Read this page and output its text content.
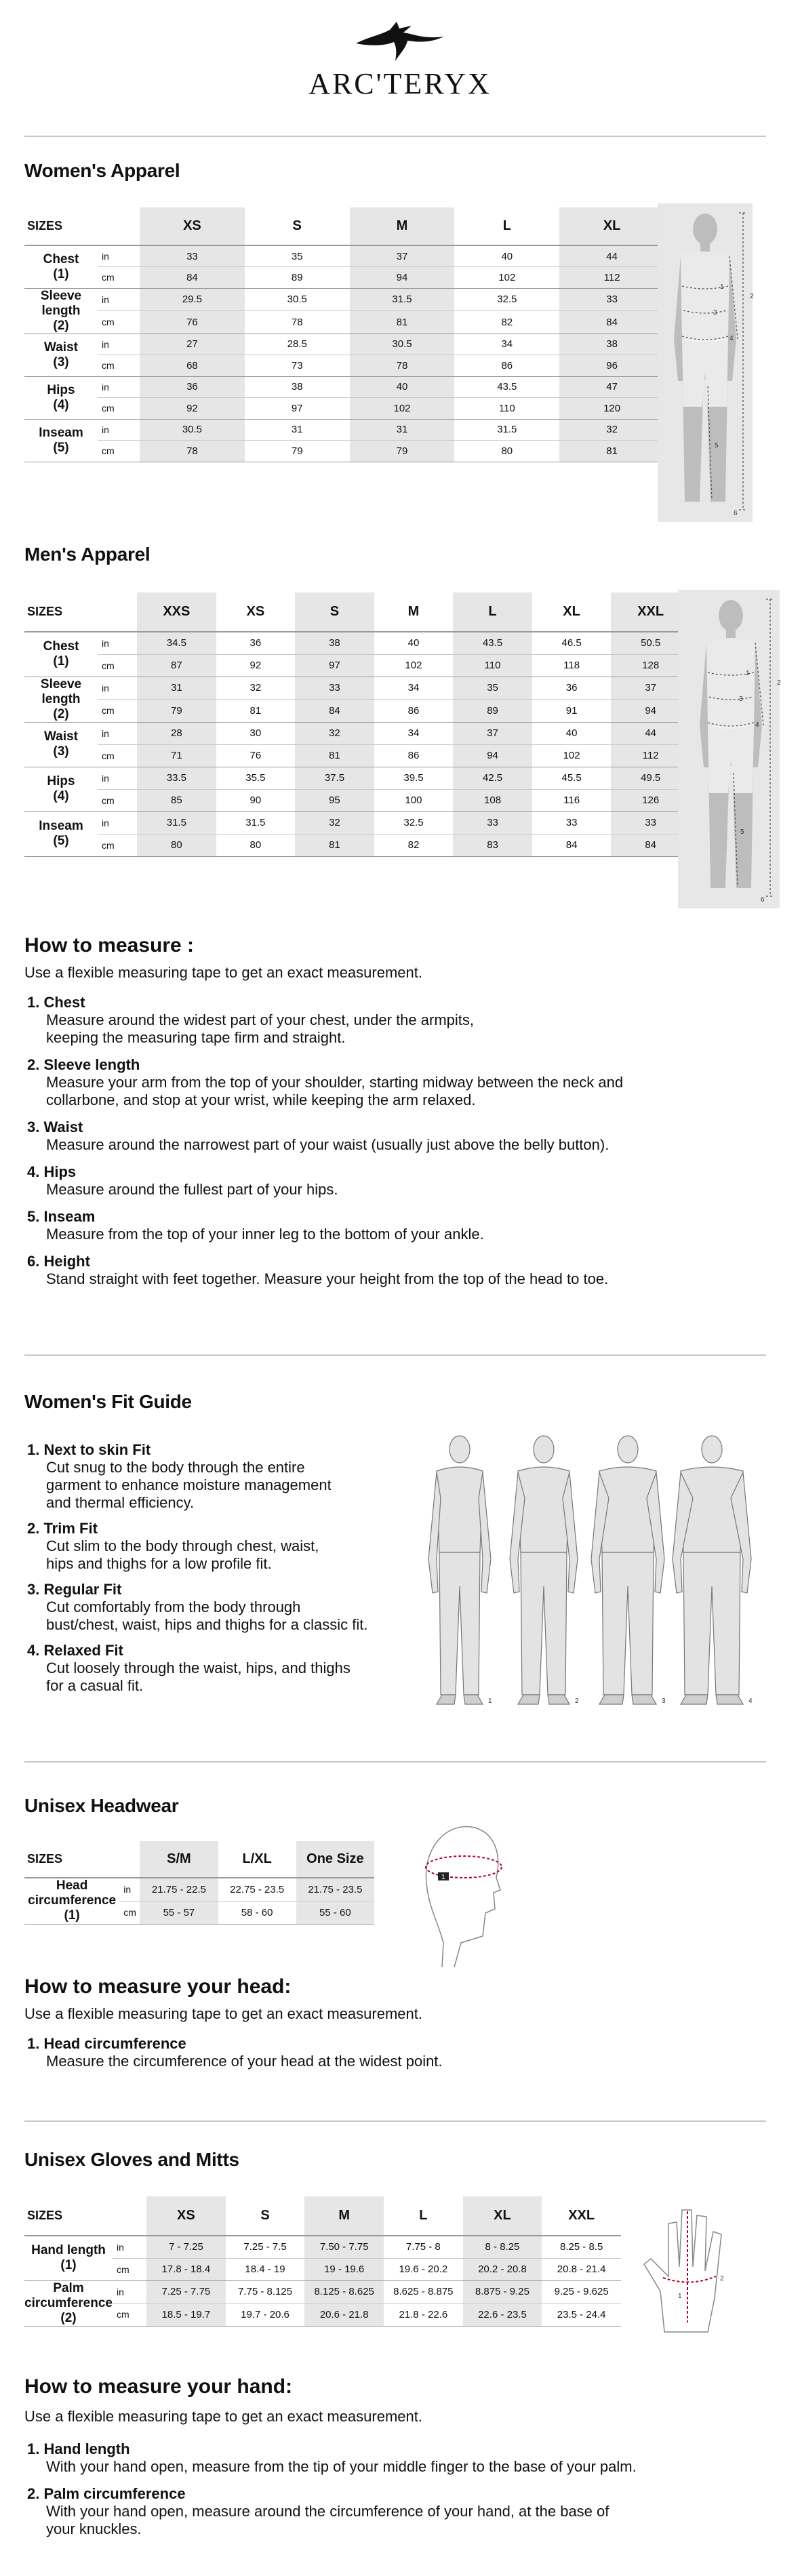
ARC'TERYX
Women's Apparel
SIZES		XS	S	M	L	XL
Chest
(1)	in	33	35	37	40	44
	cm	84	89	94	102	112
Sleeve
length
(2)	in	29.5	30.5	31.5	32.5	33
	cm	76	78	81	82	84
Waist
(3)	in	27	28.5	30.5	34	38
	cm	68	73	78	86	96
Hips
(4)	in	36	38	40	43.5	47
	cm	92	97	102	110	120
Inseam
(5)	in	30.5	31	31	31.5	32
	cm	78	79	79	80	81
1
2
3
4
5
6
Men's Apparel
SIZES		XXS	XS	S	M	L	XL	XXL
Chest
(1)	in	34.5	36	38	40	43.5	46.5	50.5
	cm	87	92	97	102	110	118	128
Sleeve
length
(2)	in	31	32	33	34	35	36	37
	cm	79	81	84	86	89	91	94
Waist
(3)	in	28	30	32	34	37	40	44
	cm	71	76	81	86	94	102	112
Hips
(4)	in	33.5	35.5	37.5	39.5	42.5	45.5	49.5
	cm	85	90	95	100	108	116	126
Inseam
(5)	in	31.5	31.5	32	32.5	33	33	33
	cm	80	80	81	82	83	84	84
1
2
3
4
5
6
How to measure :
Use a flexible measuring tape to get an exact measurement.
1. Chest
Measure around the widest part of your chest, under the armpits,
keeping the measuring tape firm and straight.
2. Sleeve length
Measure your arm from the top of your shoulder, starting midway between the neck and
collarbone, and stop at your wrist, while keeping the arm relaxed.
3. Waist
Measure around the narrowest part of your waist (usually just above the belly button).
4. Hips
Measure around the fullest part of your hips.
5. Inseam
Measure from the top of your inner leg to the bottom of your ankle.
6. Height
Stand straight with feet together. Measure your height from the top of the head to toe.
Women's Fit Guide
1. Next to skin Fit
Cut snug to the body through the entire
garment to enhance moisture management
and thermal efficiency.
2. Trim Fit
Cut slim to the body through chest, waist,
hips and thighs for a low profile fit.
3. Regular Fit
Cut comfortably from the body through
bust/chest, waist, hips and thighs for a classic fit.
4. Relaxed Fit
Cut loosely through the waist, hips, and thighs
for a casual fit.
1	2	3	4
Unisex Headwear
SIZES		S/M	L/XL	One Size
Head
circumference
(1)	in	21.75 - 22.5	22.75 - 23.5	21.75 - 23.5
	cm	55 - 57	58 - 60	55 - 60
1
How to measure your head:
Use a flexible measuring tape to get an exact measurement.
1. Head circumference
Measure the circumference of your head at the widest point.
Unisex Gloves and Mitts
SIZES		XS	S	M	L	XL	XXL
Hand length
(1)	in	7 - 7.25	7.25 - 7.5	7.50 - 7.75	7.75 - 8	8 - 8.25	8.25 - 8.5
	cm	17.8 - 18.4	18.4 - 19	19 - 19.6	19.6 - 20.2	20.2 - 20.8	20.8 - 21.4
Palm
circumference
(2)	in	7.25 - 7.75	7.75 - 8.125	8.125 - 8.625	8.625 - 8.875	8.875 - 9.25	9.25 - 9.625
	cm	18.5 - 19.7	19.7 - 20.6	20.6 - 21.8	21.8 - 22.6	22.6 - 23.5	23.5 - 24.4
1
2
How to measure your hand:
Use a flexible measuring tape to get an exact measurement.
1. Hand length
With your hand open, measure from the tip of your middle finger to the base of your palm.
2. Palm circumference
With your hand open, measure around the circumference of your hand, at the base of
your knuckles.
